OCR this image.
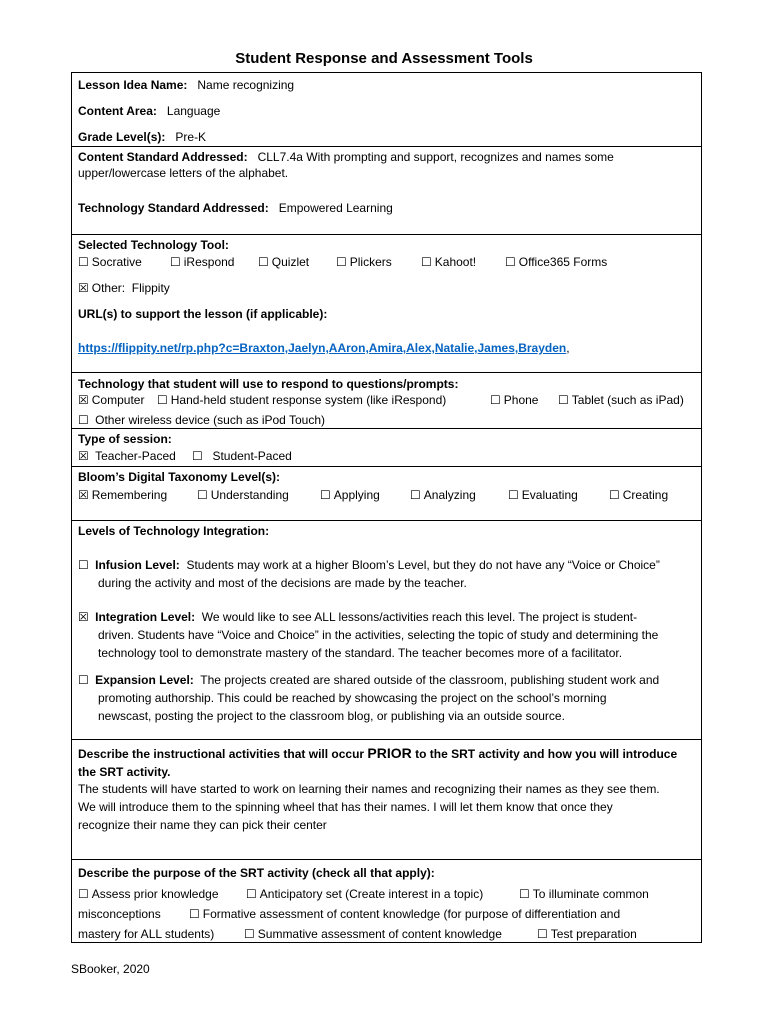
Student Response and Assessment Tools
Lesson Idea Name: Name recognizing
Content Area: Language
Grade Level(s): Pre-K
Content Standard Addressed: CLL7.4a With prompting and support, recognizes and names some
upper/lowercase letters of the alphabet.
Technology Standard Addressed: Empowered Learning
Selected Technology Tool:
☐ Socrative ☐ iRespond ☐ Quizlet ☐ Plickers ☐ Kahoot! ☐ Office365 Forms
☒ Other: Flippity
URL(s) to support the lesson (if applicable):
https://flippity.net/rp.php?c=Braxton,Jaelyn,AAron,Amira,Alex,Natalie,James,Brayden,
Technology that student will use to respond to questions/prompts:
☒ Computer ☐ Hand-held student response system (like iRespond)	☐ Phone ☐ Tablet (such as iPad)
☐ Other wireless device (such as iPod Touch)
Type of session:
☒ Teacher-Paced ☐ Student-Paced
Bloom’s Digital Taxonomy Level(s):
☒ Remembering ☐ Understanding	☐ Applying	☐ Analyzing	☐ Evaluating	☐ Creating
Levels of Technology Integration:
☐ Infusion Level: Students may work at a higher Bloom’s Level, but they do not have any “Voice or Choice”
during the activity and most of the decisions are made by the teacher.
☒ Integration Level: We would like to see ALL lessons/activities reach this level. The project is student-
driven. Students have “Voice and Choice” in the activities, selecting the topic of study and determining the
technology tool to demonstrate mastery of the standard. The teacher becomes more of a facilitator.
☐ Expansion Level: The projects created are shared outside of the classroom, publishing student work and
promoting authorship. This could be reached by showcasing the project on the school’s morning
newscast, posting the project to the classroom blog, or publishing via an outside source.
Describe the instructional activities that will occur PRIOR to the SRT activity and how you will introduce
the SRT activity.
The students will have started to work on learning their names and recognizing their names as they see them.
We will introduce them to the spinning wheel that has their names. I will let them know that once they
recognize their name they can pick their center
Describe the purpose of the SRT activity (check all that apply):
☐ Assess prior knowledge ☐ Anticipatory set (Create interest in a topic)	☐ To illuminate common
misconceptions ☐ Formative assessment of content knowledge (for purpose of differentiation and
mastery for ALL students) ☐ Summative assessment of content knowledge	☐ Test preparation
SBooker, 2020
